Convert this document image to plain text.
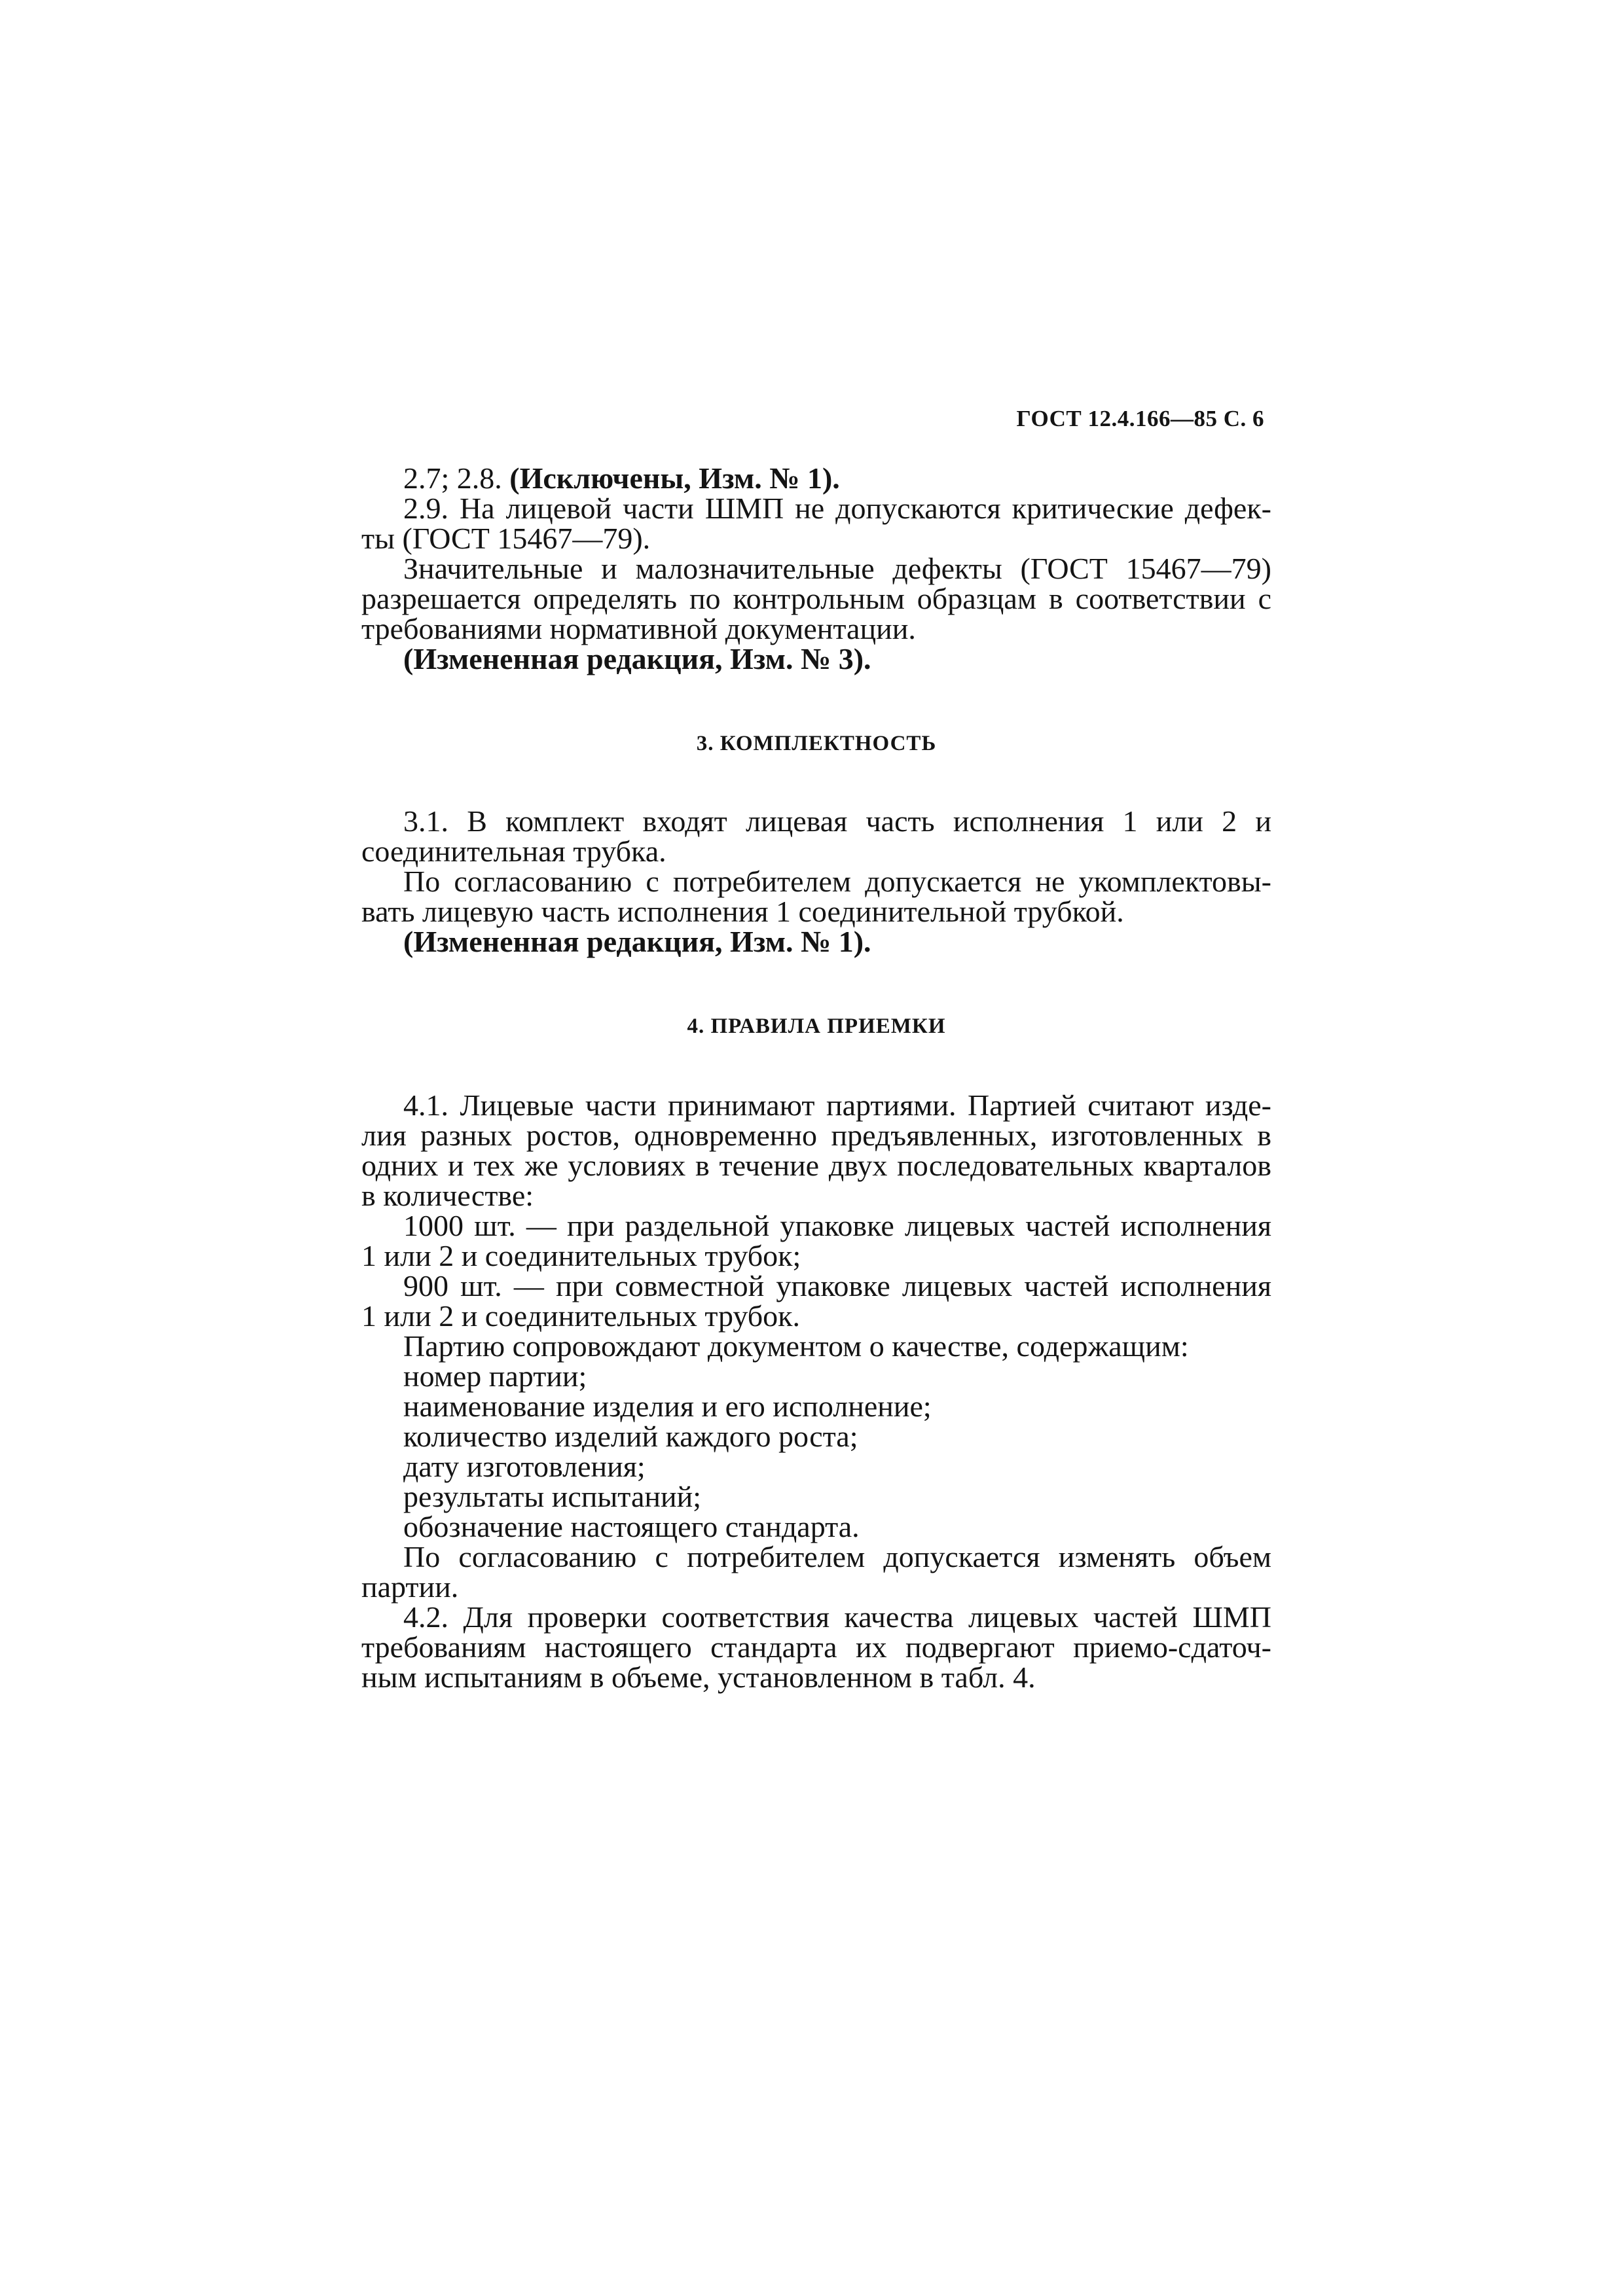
ГОСТ 12.4.166—85 С. 6
2.7; 2.8. (Исключены, Изм. № 1).
2.9. На лицевой части ШМП не допускаются критические дефек-
ты (ГОСТ 15467—79).
Значительные и малозначительные дефекты (ГОСТ 15467—79)
разрешается определять по контрольным образцам в соответствии с
требованиями нормативной документации.
(Измененная редакция, Изм. № 3).
3. КОМПЛЕКТНОСТЬ
3.1. В комплект входят лицевая часть исполнения 1 или 2 и
соединительная трубка.
По согласованию с потребителем допускается не укомплектовы-
вать лицевую часть исполнения 1 соединительной трубкой.
(Измененная редакция, Изм. № 1).
4. ПРАВИЛА ПРИЕМКИ
4.1. Лицевые части принимают партиями. Партией считают изде-
лия разных ростов, одновременно предъявленных, изготовленных в
одних и тех же условиях в течение двух последовательных кварталов
в количестве:
1000 шт. — при раздельной упаковке лицевых частей исполнения
1 или 2 и соединительных трубок;
900 шт. — при совместной упаковке лицевых частей исполнения
1 или 2 и соединительных трубок.
Партию сопровождают документом о качестве, содержащим:
номер партии;
наименование изделия и его исполнение;
количество изделий каждого роста;
дату изготовления;
результаты испытаний;
обозначение настоящего стандарта.
По согласованию с потребителем допускается изменять объем
партии.
4.2. Для проверки соответствия качества лицевых частей ШМП
требованиям настоящего стандарта их подвергают приемо-сдаточ-
ным испытаниям в объеме, установленном в табл. 4.
